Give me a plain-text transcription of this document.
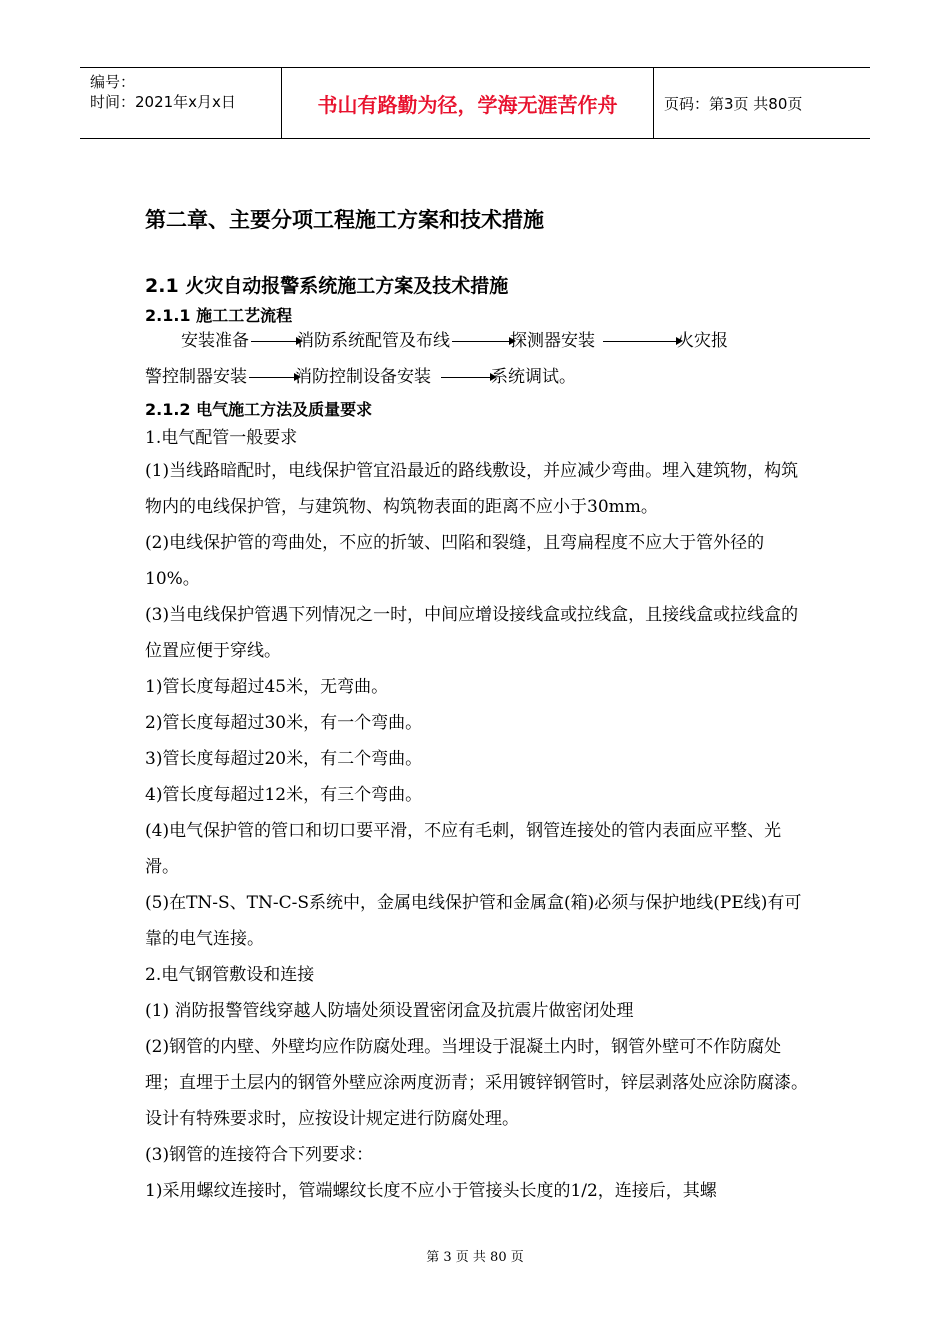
编号：
时间：2021年x月x日	书山有路勤为径，学海无涯苦作舟	页码：第3页 共80页
第二章、主要分项工程施工方案和技术措施
2.1 火灾自动报警系统施工方案及技术措施
2.1.1 施工工艺流程
安装准备	消防系统配管及布线	探测器安装	火灾报
警控制器安装	消防控制设备安装	系统调试。
2.1.2 电气施工方法及质量要求

1.电气配管一般要求

(1)当线路暗配时，电线保护管宜沿最近的路线敷设，并应减少弯曲。埋入建筑物，构筑物内的电线保护管，与建筑物、构筑物表面的距离不应小于30mm。

(2)电线保护管的弯曲处，不应的折皱、凹陷和裂缝，且弯扁程度不应大于管外径的10%。

(3)当电线保护管遇下列情况之一时，中间应增设接线盒或拉线盒，且接线盒或拉线盒的位置应便于穿线。

1)管长度每超过45米，无弯曲。

2)管长度每超过30米，有一个弯曲。

3)管长度每超过20米，有二个弯曲。

4)管长度每超过12米，有三个弯曲。

(4)电气保护管的管口和切口要平滑，不应有毛刺，钢管连接处的管内表面应平整、光滑。

(5)在TN-S、TN-C-S系统中，金属电线保护管和金属盒(箱)必须与保护地线(PE线)有可靠的电气连接。

2.电气钢管敷设和连接

(1) 消防报警管线穿越人防墙处须设置密闭盒及抗震片做密闭处理

(2)钢管的内壁、外壁均应作防腐处理。当埋设于混凝土内时，钢管外壁可不作防腐处理；直埋于土层内的钢管外壁应涂两度沥青；采用镀锌钢管时，锌层剥落处应涂防腐漆。设计有特殊要求时，应按设计规定进行防腐处理。

(3)钢管的连接符合下列要求：

1)采用螺纹连接时，管端螺纹长度不应小于管接头长度的1/2，连接后，其螺

第 3 页 共 80 页
